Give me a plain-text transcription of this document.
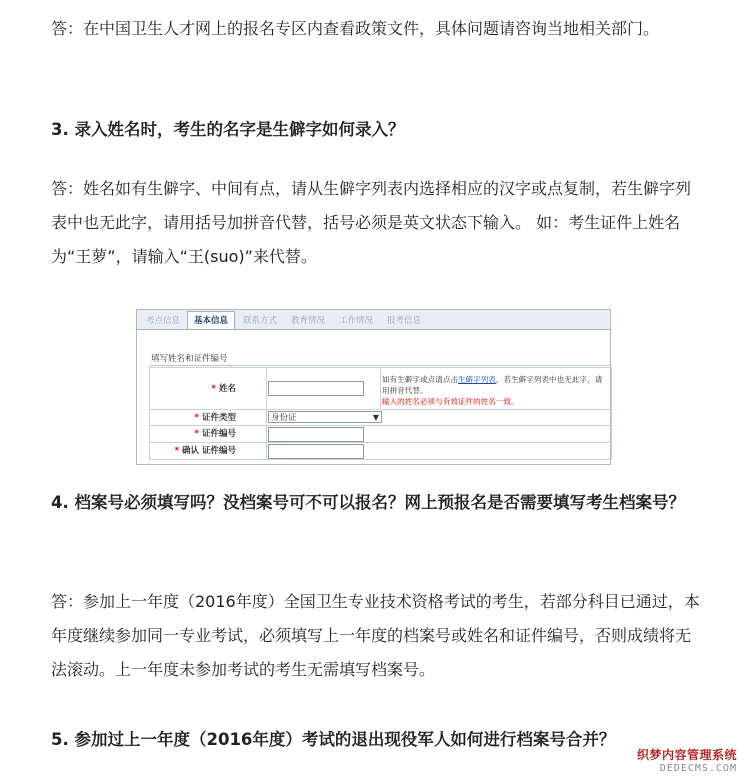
答：在中国卫生人才网上的报名专区内查看政策文件，具体问题请咨询当地相关部门。

3. 录入姓名时，考生的名字是生僻字如何录入？

答：姓名如有生僻字、中间有点，请从生僻字列表内选择相应的汉字或点复制，若生僻字列表中也无此字，请用括号加拼音代替，括号必须是英文状态下输入。 如：考生证件上姓名为“王萝”，请输入“王(suo)”来代替。

考点信息	基本信息	联系方式	教育情况	工作情况	报考信息
填写姓名和证件编号
* 姓名
如有生僻字或点请点击生僻字列表，若生僻字列表中也无此字，请用拼音代替。
输入的姓名必须与有效证件的姓名一致。
* 证件类型	身份证	▼
* 证件编号
* 确认 证件编号

4. 档案号必须填写吗？没档案号可不可以报名？网上预报名是否需要填写考生档案号？

答：参加上一年度（2016年度）全国卫生专业技术资格考试的考生，若部分科目已通过，本年度继续参加同一专业考试，必须填写上一年度的档案号或姓名和证件编号，否则成绩将无法滚动。上一年度未参加考试的考生无需填写档案号。

5. 参加过上一年度（2016年度）考试的退出现役军人如何进行档案号合并？

织梦内容管理系统
DEDECMS.COM
